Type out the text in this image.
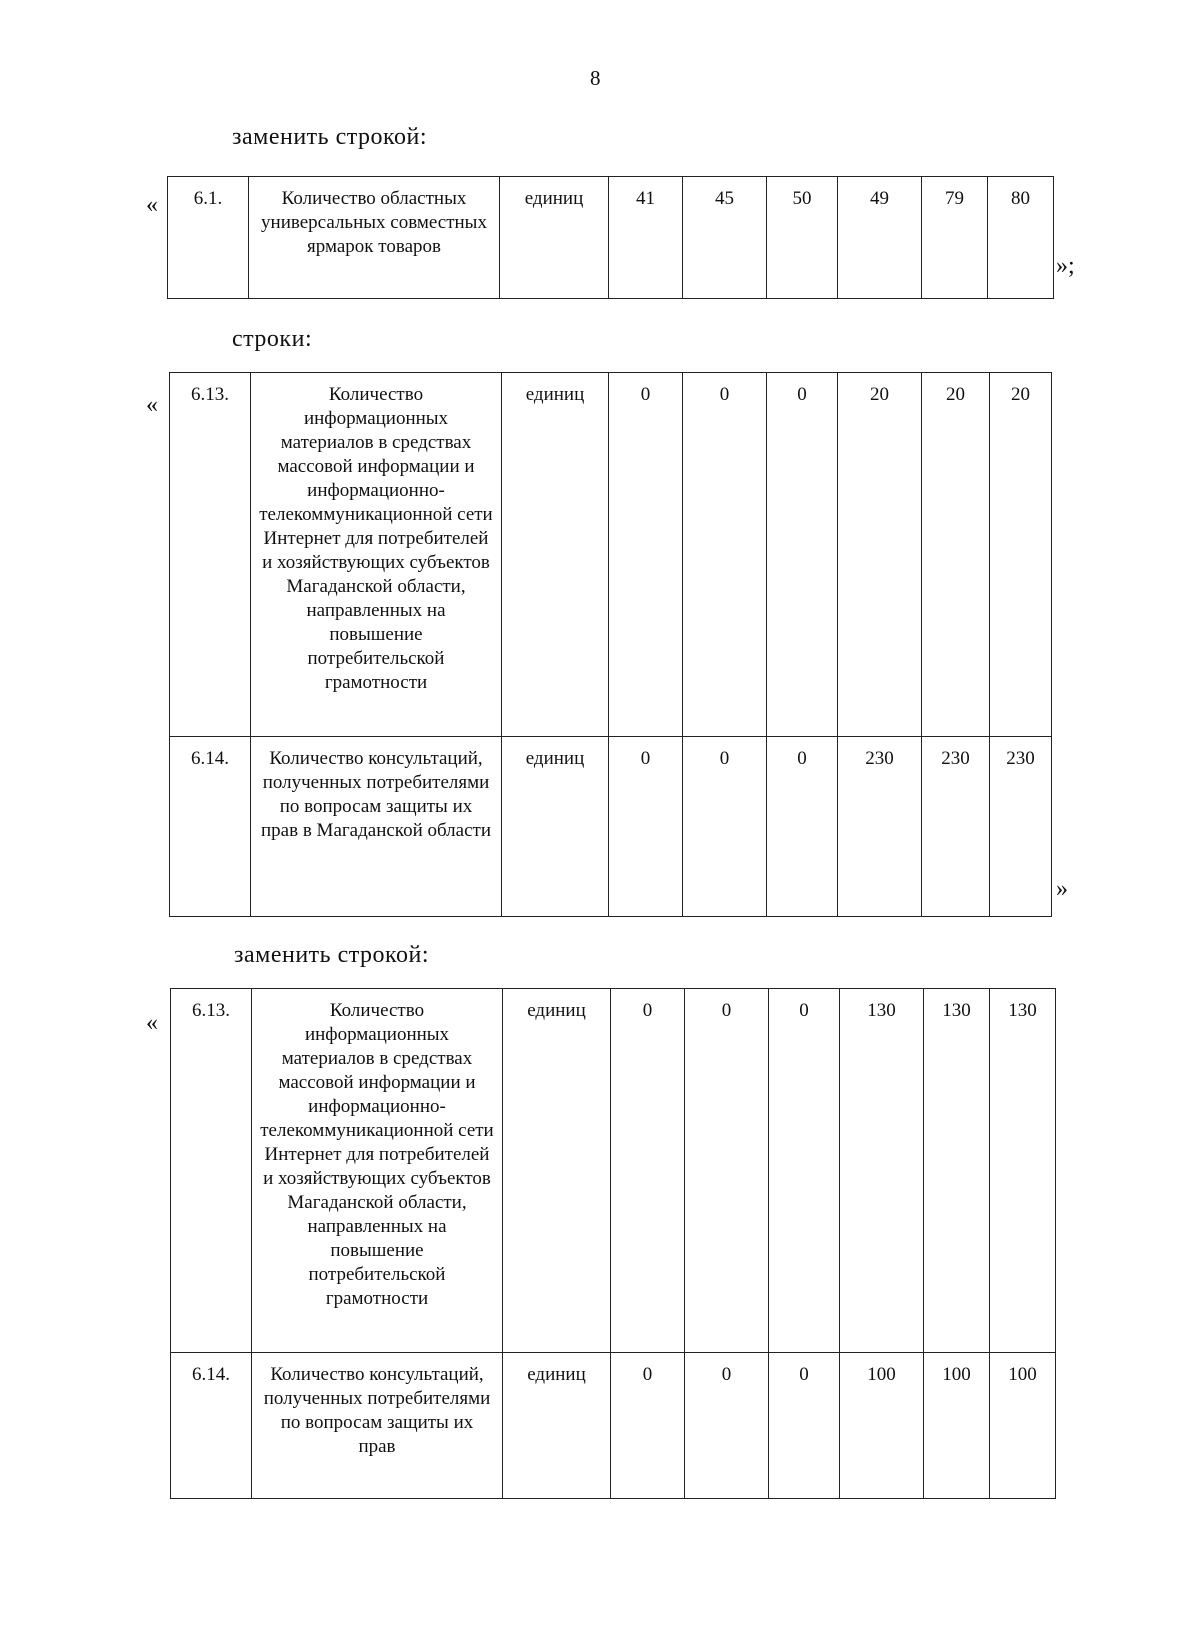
8
заменить строкой:
« 6.1.	Количество областных универсальных совместных ярмарок товаров	единиц	41	45	50	49	79	80
»;
строки:
« 6.13.	Количество информационных материалов в средствах массовой информации и информационно-телекоммуникационной сети Интернет для потребителей и хозяйствующих субъектов Магаданской области, направленных на повышение потребительской грамотности	единиц	0	0	0	20	20	20
6.14.	Количество консультаций, полученных потребителями по вопросам защиты их прав в Магаданской области	единиц	0	0	0	230	230	230
»
заменить строкой:
« 6.13.	Количество информационных материалов в средствах массовой информации и информационно-телекоммуникационной сети Интернет для потребителей и хозяйствующих субъектов Магаданской области, направленных на повышение потребительской грамотности	единиц	0	0	0	130	130	130
6.14.	Количество консультаций, полученных потребителями по вопросам защиты их прав	единиц	0	0	0	100	100	100
